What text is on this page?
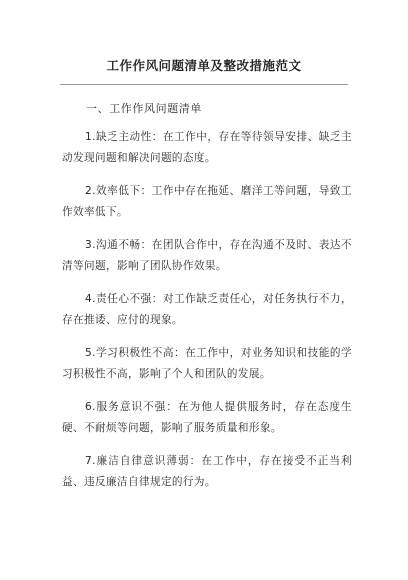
工作作风问题清单及整改措施范文
一、工作作风问题清单

1.缺乏主动性：在工作中，存在等待领导安排、缺乏主动发现问题和解决问题的态度。

2.效率低下：工作中存在拖延、磨洋工等问题，导致工作效率低下。

3.沟通不畅：在团队合作中，存在沟通不及时、表达不清等问题，影响了团队协作效果。

4.责任心不强：对工作缺乏责任心，对任务执行不力，存在推诿、应付的现象。

5.学习积极性不高：在工作中，对业务知识和技能的学习积极性不高，影响了个人和团队的发展。

6.服务意识不强：在为他人提供服务时，存在态度生硬、不耐烦等问题，影响了服务质量和形象。

7.廉洁自律意识薄弱：在工作中，存在接受不正当利益、违反廉洁自律规定的行为。
